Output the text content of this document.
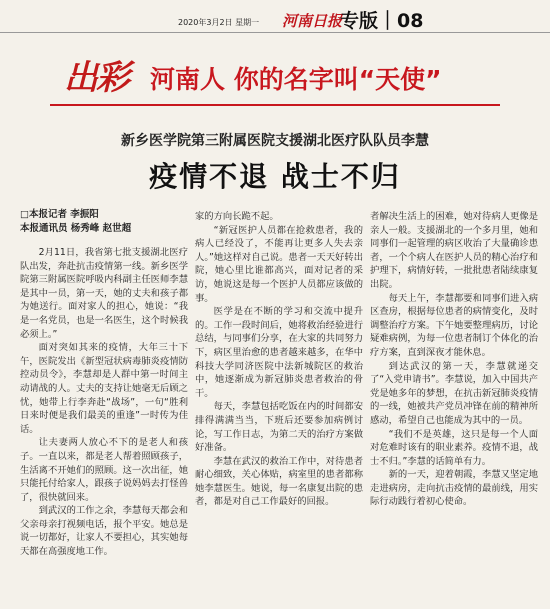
2020年3月2日 星期一 河南日报
专版｜08
出彩 河南人 你的名字叫“天使”
新乡医学院第三附属医院支援湖北医疗队队员李慧
疫情不退 战士不归
□本报记者 李振阳
本报通讯员 杨秀峰 赵世超

2月11日，我省第七批支援湖北医疗队出发，奔赴抗击疫情第一线。新乡医学院第三附属医院呼吸内科副主任医师李慧是其中一员，第一天，她的丈夫和孩子都为她送行。面对家人的担心，她说：“我是一名党员，也是一名医生，这个时候我必须上。”

面对突如其来的疫情，大年三十下午，医院发出《新型冠状病毒肺炎疫情防控动员令》，李慧却是人群中第一时间主动请战的人。丈夫的支持让她毫无后顾之忧，她带上行李奔赴“战场”，一句“胜利日来时便是我们最美的重逢”一时传为佳话。

让夫妻两人放心不下的是老人和孩子。一直以来，都是老人帮着照顾孩子，生活离不开她们的照顾。这一次出征，她只能托付给家人，跟孩子说妈妈去打怪兽了，很快就回来。

到武汉的工作之余，李慧每天都会和父亲母亲打视频电话，报个平安。她总是说一切都好，让家人不要担心，其实她每天都在高强度地工作。

家的方向长跪不起。

“新冠医护人员都在抢救患者，我的病人已经没了，不能再让更多人失去亲人。”她这样对自己说。患者一天天好转出院，她心里比谁都高兴，面对记者的采访，她说这是每一个医护人员都应该做的事。

医学是在不断的学习和交流中提升的。工作一段时间后，她将救治经验进行总结，与同事们分享，在大家的共同努力下，病区里治愈的患者越来越多，在华中科技大学同济医院中法新城院区的救治中，她逐渐成为新冠肺炎患者救治的骨干。

每天，李慧包括吃饭在内的时间都安排得满满当当，下班后还要参加病例讨论，写工作日志，为第二天的治疗方案做好准备。

李慧在武汉的救治工作中，对待患者耐心细致，关心体贴，病室里的患者都称她李慧医生。她说，每一名康复出院的患者，都是对自己工作最好的回报。

者解决生活上的困难，她对待病人更像是亲人一般。支援湖北的一个多月里，她和同事们一起管理的病区收治了大量确诊患者，一个个病人在医护人员的精心治疗和护理下，病情好转，一批批患者陆续康复出院。

每天上午，李慧都要和同事们进入病区查房，根据每位患者的病情变化，及时调整治疗方案。下午她要整理病历，讨论疑难病例，为每一位患者制订个体化的治疗方案，直到深夜才能休息。

到达武汉的第一天，李慧就递交了“入党申请书”。李慧说，加入中国共产党是她多年的梦想，在抗击新冠肺炎疫情的一线，她被共产党员冲锋在前的精神所感动，希望自己也能成为其中的一员。

“我们不是英雄，这只是每一个人面对危难时该有的职业素养。疫情不退，战士不归。”李慧的话简单有力。

新的一天，迎着朝霞，李慧又坚定地走进病房，走向抗击疫情的最前线，用实际行动践行着初心使命。
